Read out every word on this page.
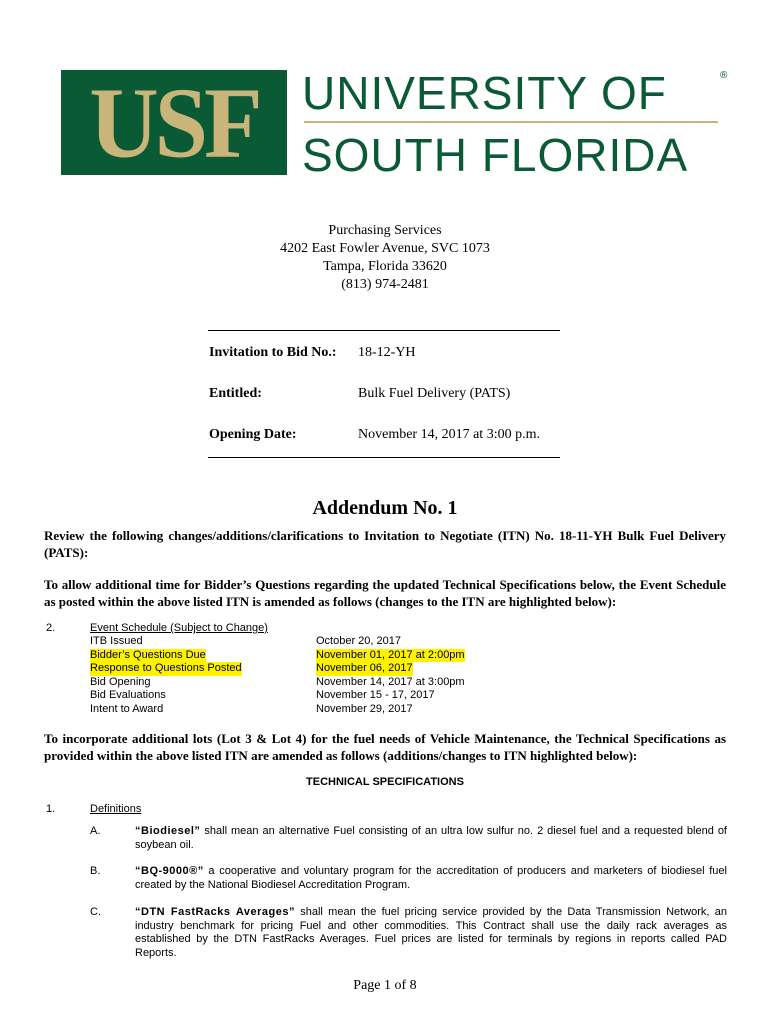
USF UNIVERSITY OF
SOUTH FLORIDA
®
Purchasing Services
4202 East Fowler Avenue, SVC 1073
Tampa, Florida 33620
(813) 974-2481
Invitation to Bid No.: 18-12-YH
Entitled:	Bulk Fuel Delivery (PATS)
Opening Date:	November 14, 2017 at 3:00 p.m.
Addendum No. 1
Review the following changes/additions/clarifications to Invitation to Negotiate (ITN) No. 18-11-YH Bulk Fuel Delivery (PATS):
To allow additional time for Bidder’s Questions regarding the updated Technical Specifications below, the Event Schedule as posted within the above listed ITN is amended as follows (changes to the ITN are highlighted below):
2.	Event Schedule (Subject to Change)
ITB Issued	October 20, 2017
Bidder’s Questions Due	November 01, 2017 at 2:00pm
Response to Questions Posted	November 06, 2017
Bid Opening	November 14, 2017 at 3:00pm
Bid Evaluations	November 15 - 17, 2017
Intent to Award	November 29, 2017
To incorporate additional lots (Lot 3 & Lot 4) for the fuel needs of Vehicle Maintenance, the Technical Specifications as provided within the above listed ITN are amended as follows (additions/changes to ITN highlighted below):
TECHNICAL SPECIFICATIONS
1.	Definitions
A.	“Biodiesel” shall mean an alternative Fuel consisting of an ultra low sulfur no. 2 diesel fuel and a requested blend of soybean oil.
B.	“BQ-9000®” a cooperative and voluntary program for the accreditation of producers and marketers of biodiesel fuel created by the National Biodiesel Accreditation Program.
C.	“DTN FastRacks Averages” shall mean the fuel pricing service provided by the Data Transmission Network, an industry benchmark for pricing Fuel and other commodities. This Contract shall use the daily rack averages as established by the DTN FastRacks Averages. Fuel prices are listed for terminals by regions in reports called PAD Reports.
Page 1 of 8
